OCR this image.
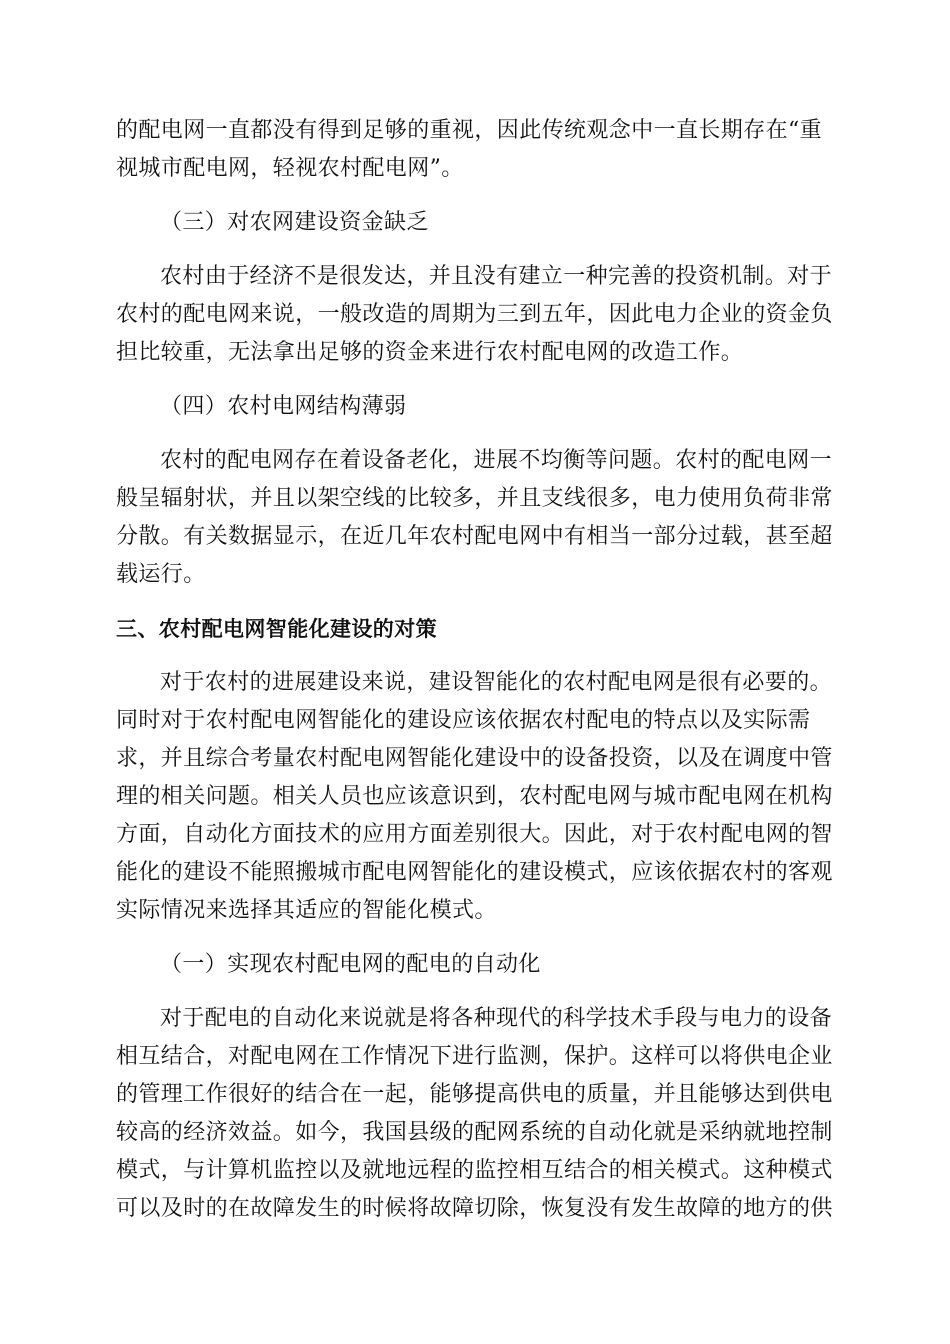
的配电网一直都没有得到足够的重视，因此传统观念中一直长期存在“重
视城市配电网，轻视农村配电网”。
（三）对农网建设资金缺乏
农村由于经济不是很发达，并且没有建立一种完善的投资机制。对于
农村的配电网来说，一般改造的周期为三到五年，因此电力企业的资金负
担比较重，无法拿出足够的资金来进行农村配电网的改造工作。
（四）农村电网结构薄弱
农村的配电网存在着设备老化，进展不均衡等问题。农村的配电网一
般呈辐射状，并且以架空线的比较多，并且支线很多，电力使用负荷非常
分散。有关数据显示，在近几年农村配电网中有相当一部分过载，甚至超
载运行。
三、农村配电网智能化建设的对策
对于农村的进展建设来说，建设智能化的农村配电网是很有必要的。
同时对于农村配电网智能化的建设应该依据农村配电的特点以及实际需
求，并且综合考量农村配电网智能化建设中的设备投资，以及在调度中管
理的相关问题。相关人员也应该意识到，农村配电网与城市配电网在机构
方面，自动化方面技术的应用方面差别很大。因此，对于农村配电网的智
能化的建设不能照搬城市配电网智能化的建设模式，应该依据农村的客观
实际情况来选择其适应的智能化模式。
（一）实现农村配电网的配电的自动化
对于配电的自动化来说就是将各种现代的科学技术手段与电力的设备
相互结合，对配电网在工作情况下进行监测，保护。这样可以将供电企业
的管理工作很好的结合在一起，能够提高供电的质量，并且能够达到供电
较高的经济效益。如今，我国县级的配网系统的自动化就是采纳就地控制
模式，与计算机监控以及就地远程的监控相互结合的相关模式。这种模式
可以及时的在故障发生的时候将故障切除，恢复没有发生故障的地方的供
